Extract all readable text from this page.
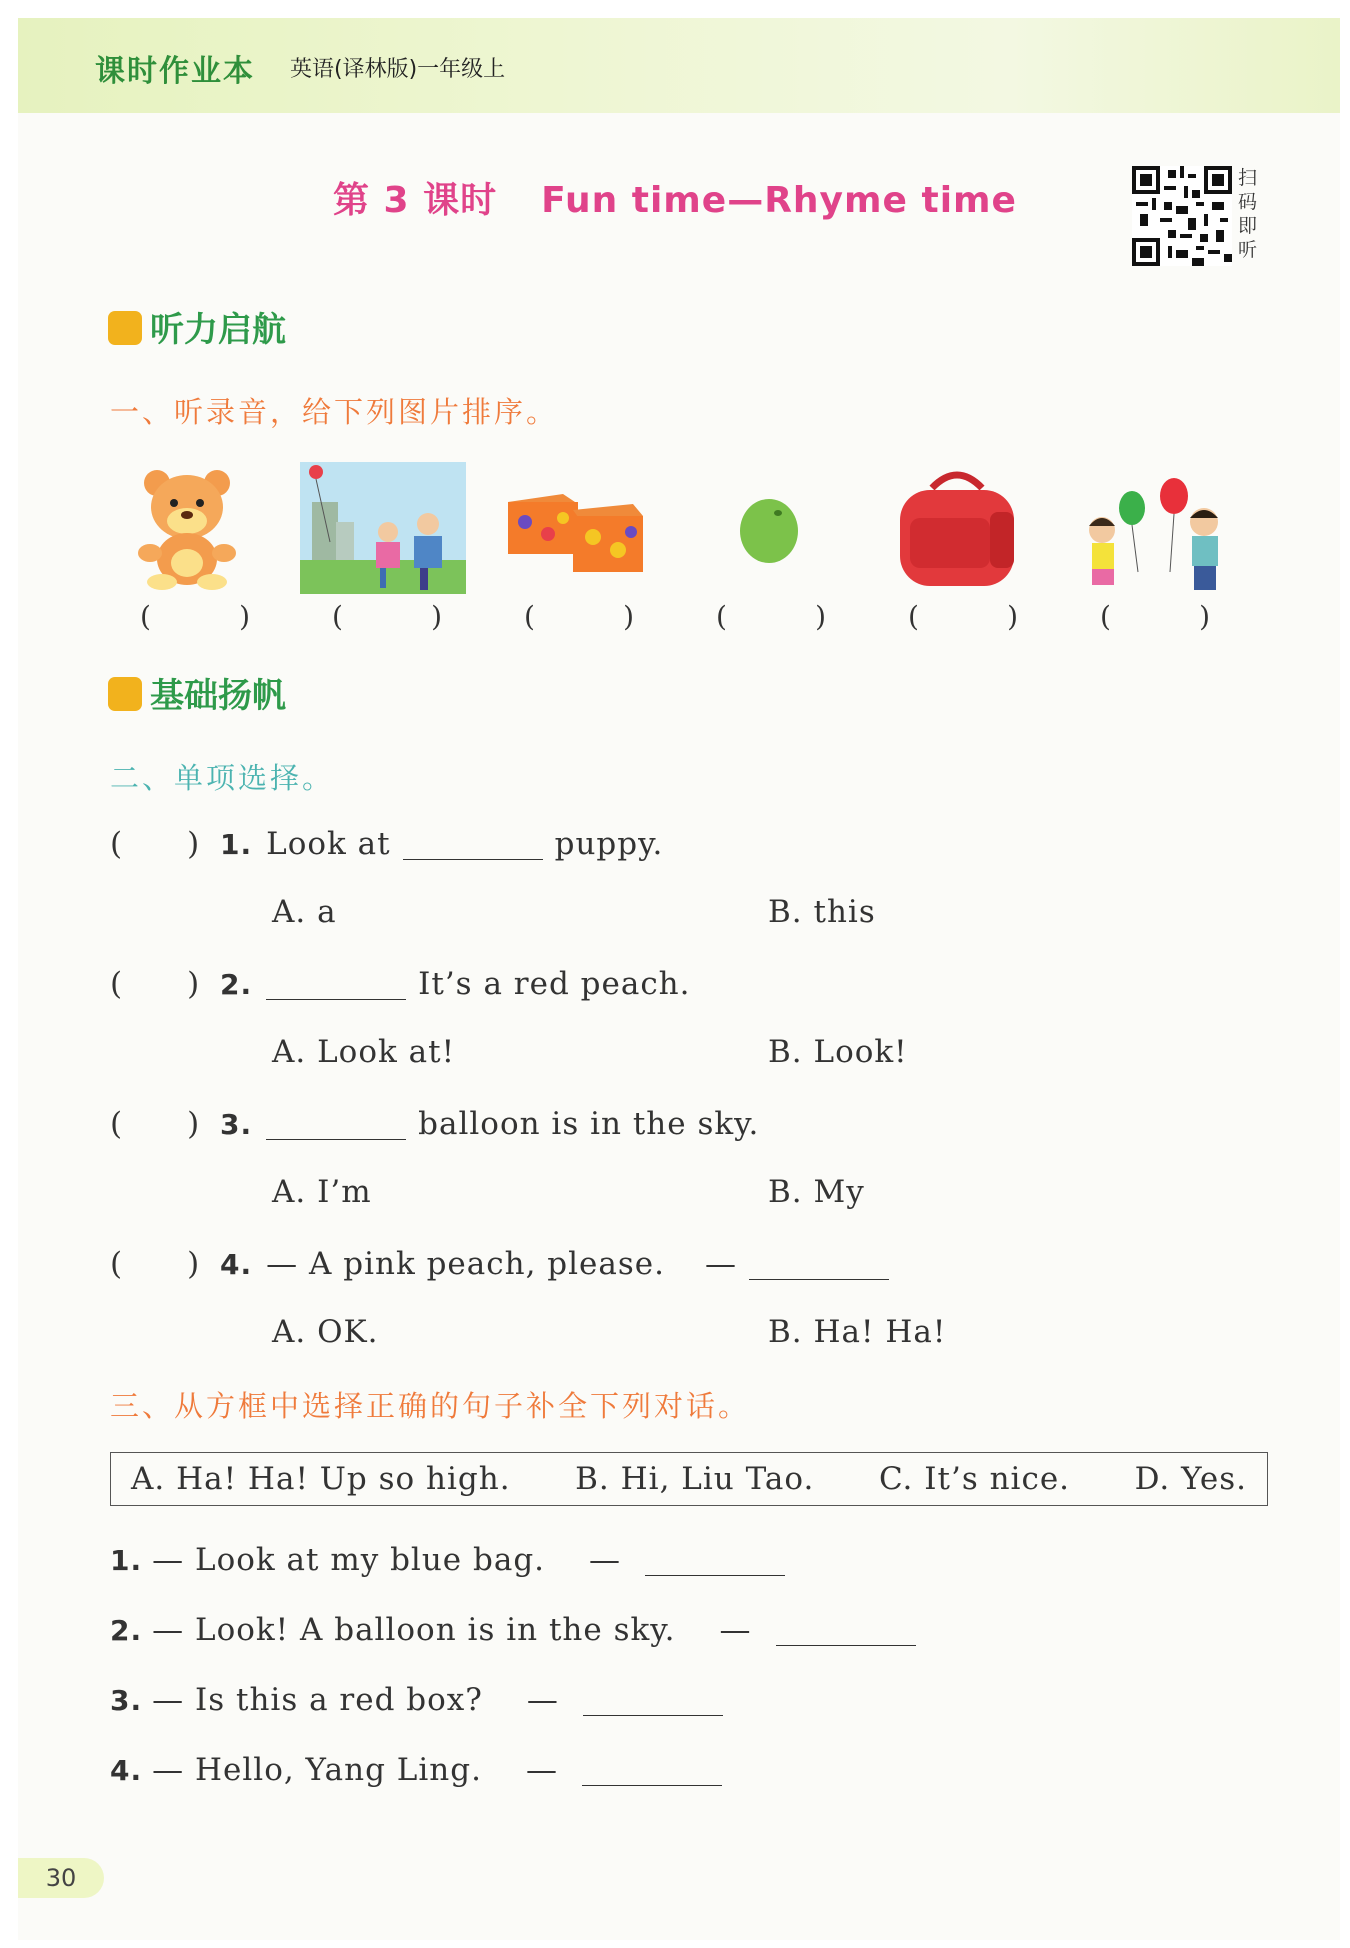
课时作业本 英语(译林版)一年级上
第 3 课时 Fun time—Rhyme time
扫码即听
听力启航
一、听录音，给下列图片排序。
(	)	(	)	(	)	(	)	(	)	(	)
基础扬帆
二、单项选择。
( ) 1. Look at	puppy.
A. a	B. this
( ) 2.	It’s a red peach.
A. Look at!	B. Look!
( ) 3.	balloon is in the sky.
A. I’m	B. My
( ) 4. — A pink peach, please. —
A. OK.	B. Ha! Ha!
三、从方框中选择正确的句子补全下列对话。
A. Ha! Ha! Up so high. B. Hi, Liu Tao. C. It’s nice. D. Yes.
1. — Look at my blue bag. —
2. — Look! A balloon is in the sky. —
3. — Is this a red box? —
4. — Hello, Yang Ling. —
30
